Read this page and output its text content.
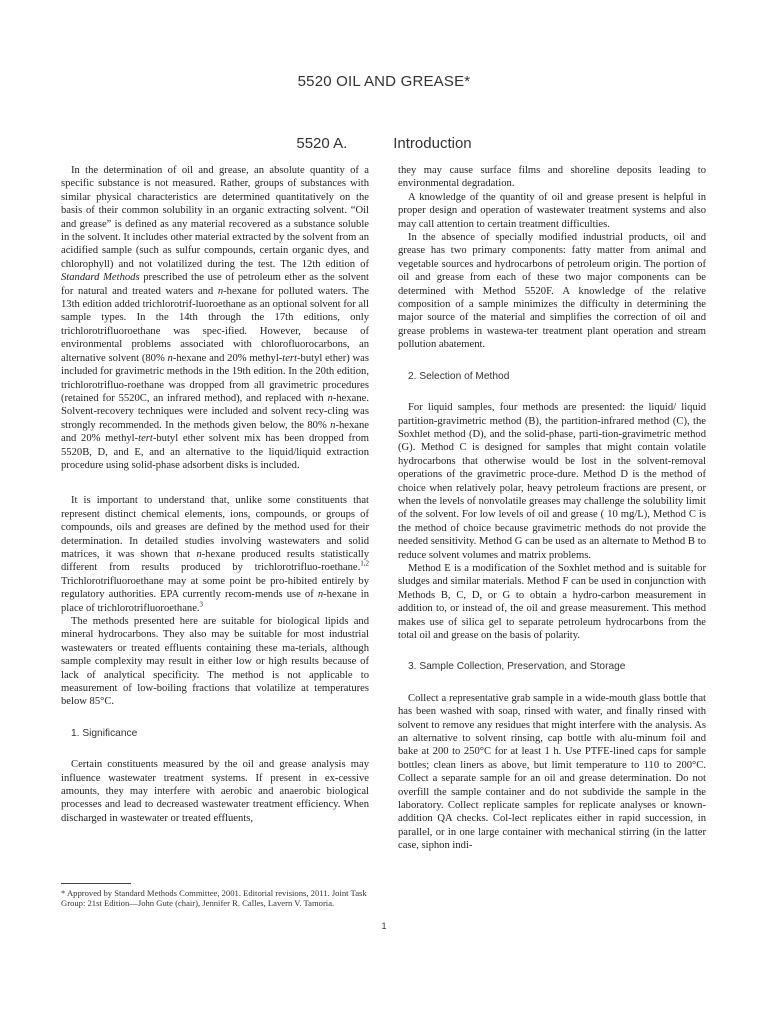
5520 OIL AND GREASE*
5520 A.	Introduction

In the determination of oil and grease, an absolute quantity of a specific substance is not measured. Rather, groups of substances with similar physical characteristics are determined quantitatively on the basis of their common solubility in an organic extracting solvent. “Oil and grease” is defined as any material recovered as a substance soluble in the solvent. It includes other material extracted by the solvent from an acidified sample (such as sulfur compounds, certain organic dyes, and chlorophyll) and not volatilized during the test. The 12th edition of Standard Methods prescribed the use of petroleum ether as the solvent for natural and treated waters and n-hexane for polluted waters. The 13th edition added trichlorotrif-luoroethane as an optional solvent for all sample types. In the 14th through the 17th editions, only trichlorotrifluoroethane was spec-ified. However, because of environmental problems associated with chlorofluorocarbons, an alternative solvent (80% n-hexane and 20% methyl-tert-butyl ether) was included for gravimetric methods in the 19th edition. In the 20th edition, trichlorotrifluo-roethane was dropped from all gravimetric procedures (retained for 5520C, an infrared method), and replaced with n-hexane. Solvent-recovery techniques were included and solvent recy-cling was strongly recommended. In the methods given below, the 80% n-hexane and 20% methyl-tert-butyl ether solvent mix has been dropped from 5520B, D, and E, and an alternative to the liquid/liquid extraction procedure using solid-phase adsorbent disks is included.

It is important to understand that, unlike some constituents that represent distinct chemical elements, ions, compounds, or groups of compounds, oils and greases are defined by the method used for their determination. In detailed studies involving wastewaters and solid matrices, it was shown that n-hexane produced results statistically different from results produced by trichlorotrifluo-roethane.$^{1,2}$ Trichlorotrifluoroethane may at some point be pro-hibited entirely by regulatory authorities. EPA currently recom-mends use of n-hexane in place of trichlorotrifluoroethane.$^3$

The methods presented here are suitable for biological lipids and mineral hydrocarbons. They also may be suitable for most industrial wastewaters or treated effluents containing these ma-terials, although sample complexity may result in either low or high results because of lack of analytical specificity. The method is not applicable to measurement of low-boiling fractions that volatilize at temperatures below 85°C.

1. Significance

Certain constituents measured by the oil and grease analysis may influence wastewater treatment systems. If present in ex-cessive amounts, they may interfere with aerobic and anaerobic biological processes and lead to decreased wastewater treatment efficiency. When discharged in wastewater or treated effluents,

they may cause surface films and shoreline deposits leading to environmental degradation.

A knowledge of the quantity of oil and grease present is helpful in proper design and operation of wastewater treatment systems and also may call attention to certain treatment difficulties.

In the absence of specially modified industrial products, oil and grease has two primary components: fatty matter from animal and vegetable sources and hydrocarbons of petroleum origin. The portion of oil and grease from each of these two major components can be determined with Method 5520F. A knowledge of the relative composition of a sample minimizes the difficulty in determining the major source of the material and simplifies the correction of oil and grease problems in wastewa-ter treatment plant operation and stream pollution abatement.

2. Selection of Method

For liquid samples, four methods are presented: the liquid/ liquid partition-gravimetric method (B), the partition-infrared method (C), the Soxhlet method (D), and the solid-phase, parti-tion-gravimetric method (G). Method C is designed for samples that might contain volatile hydrocarbons that otherwise would be lost in the solvent-removal operations of the gravimetric proce-dure. Method D is the method of choice when relatively polar, heavy petroleum fractions are present, or when the levels of nonvolatile greases may challenge the solubility limit of the solvent. For low levels of oil and grease ( 10 mg/L), Method C is the method of choice because gravimetric methods do not provide the needed sensitivity. Method G can be used as an alternate to Method B to reduce solvent volumes and matrix problems.

Method E is a modification of the Soxhlet method and is suitable for sludges and similar materials. Method F can be used in conjunction with Methods B, C, D, or G to obtain a hydro-carbon measurement in addition to, or instead of, the oil and grease measurement. This method makes use of silica gel to separate petroleum hydrocarbons from the total oil and grease on the basis of polarity.

3. Sample Collection, Preservation, and Storage

Collect a representative grab sample in a wide-mouth glass bottle that has been washed with soap, rinsed with water, and finally rinsed with solvent to remove any residues that might interfere with the analysis. As an alternative to solvent rinsing, cap bottle with alu-minum foil and bake at 200 to 250°C for at least 1 h. Use PTFE-lined caps for sample bottles; clean liners as above, but limit temperature to 110 to 200°C. Collect a separate sample for an oil and grease determination. Do not overfill the sample container and do not subdivide the sample in the laboratory. Collect replicate samples for replicate analyses or known-addition QA checks. Col-lect replicates either in rapid succession, in parallel, or in one large container with mechanical stirring (in the latter case, siphon indi-

* Approved by Standard Methods Committee, 2001. Editorial revisions, 2011. Joint Task Group: 21st Edition—John Gute (chair), Jennifer R. Calles, Lavern V. Tamoria.
1
